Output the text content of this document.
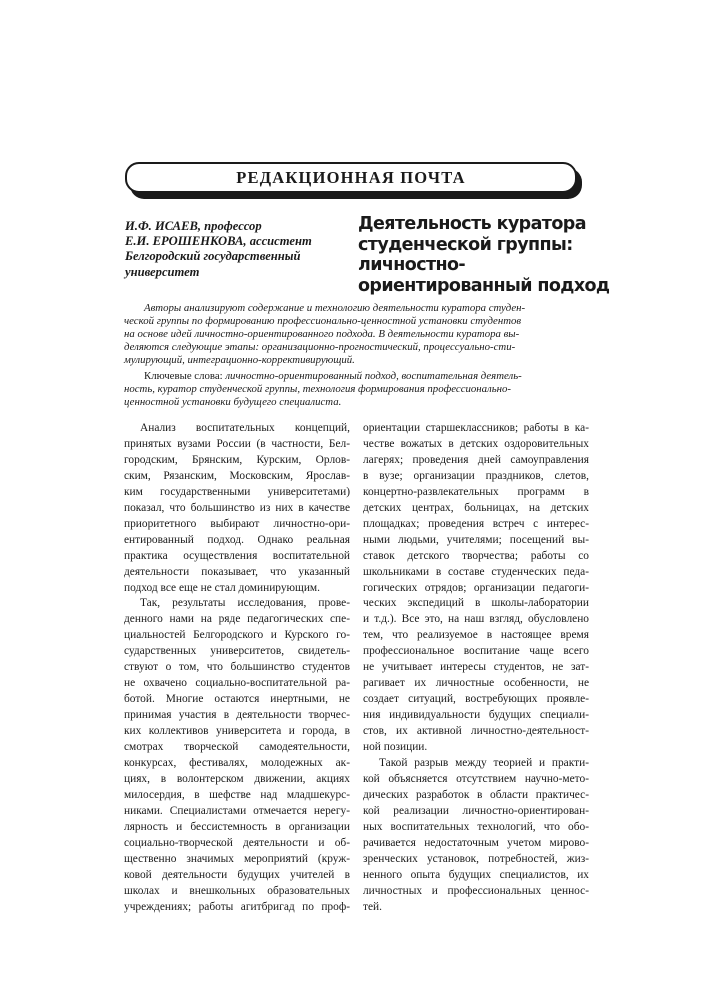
РЕДАКЦИОННАЯ ПОЧТА
И.Ф. ИСАЕВ, профессор
Е.И. ЕРОШЕНКОВА, ассистент
Белгородский государственный
университет
Деятельность куратора
студенческой группы:
личностно-
ориентированный подход
Авторы анализируют содержание и технологию деятельности куратора студен-
ческой группы по формированию профессионально-ценностной установки студентов
на основе идей личностно-ориентированного подхода. В деятельности куратора вы-
деляются следующие этапы: организационно-прогностический, процессуально-сти-
мулирующий, интеграционно-коррективирующий.
Ключевые слова: личностно-ориентированный подход, воспитательная деятель-
ность, куратор студенческой группы, технология формирования профессионально-
ценностной установки будущего специалиста.
Анализ воспитательных концепций,
принятых вузами России (в частности, Бел-
городским, Брянским, Курским, Орлов-
ским, Рязанским, Московским, Ярослав-
ким государственными университетами)
показал, что большинство из них в качестве
приоритетного выбирают личностно-ори-
ентированный подход. Однако реальная
практика осуществления воспитательной
деятельности показывает, что указанный
подход все еще не стал доминирующим.
Так, результаты исследования, прове-
денного нами на ряде педагогических спе-
циальностей Белгородского и Курского го-
сударственных университетов, свидетель-
ствуют о том, что большинство студентов
не охвачено социально-воспитательной ра-
ботой. Многие остаются инертными, не
принимая участия в деятельности творчес-
ких коллективов университета и города, в
смотрах творческой самодеятельности,
конкурсах, фестивалях, молодежных ак-
циях, в волонтерском движении, акциях
милосердия, в шефстве над младшекурс-
никами. Специалистами отмечается нерегу-
лярность и бессистемность в организации
социально-творческой деятельности и об-
щественно значимых мероприятий (круж-
ковой деятельности будущих учителей в
школах и внешкольных образовательных
учреждениях; работы агитбригад по проф-
ориентации старшеклассников; работы в ка-
честве вожатых в детских оздоровительных
лагерях; проведения дней самоуправления
в вузе; организации праздников, слетов,
концертно-развлекательных программ в
детских центрах, больницах, на детских
площадках; проведения встреч с интерес-
ными людьми, учителями; посещений вы-
ставок детского творчества; работы со
школьниками в составе студенческих педа-
гогических отрядов; организации педагоги-
ческих экспедиций в школы-лаборатории
и т.д.). Все это, на наш взгляд, обусловлено
тем, что реализуемое в настоящее время
профессиональное воспитание чаще всего
не учитывает интересы студентов, не зат-
рагивает их личностные особенности, не
создает ситуаций, востребующих проявле-
ния индивидуальности будущих специали-
стов, их активной личностно-деятельност-
ной позиции.
Такой разрыв между теорией и практи-
кой объясняется отсутствием научно-мето-
дических разработок в области практичес-
кой реализации личностно-ориентирован-
ных воспитательных технологий, что обо-
рачивается недостаточным учетом мирово-
зренческих установок, потребностей, жиз-
ненного опыта будущих специалистов, их
личностных и профессиональных ценнос-
тей.
